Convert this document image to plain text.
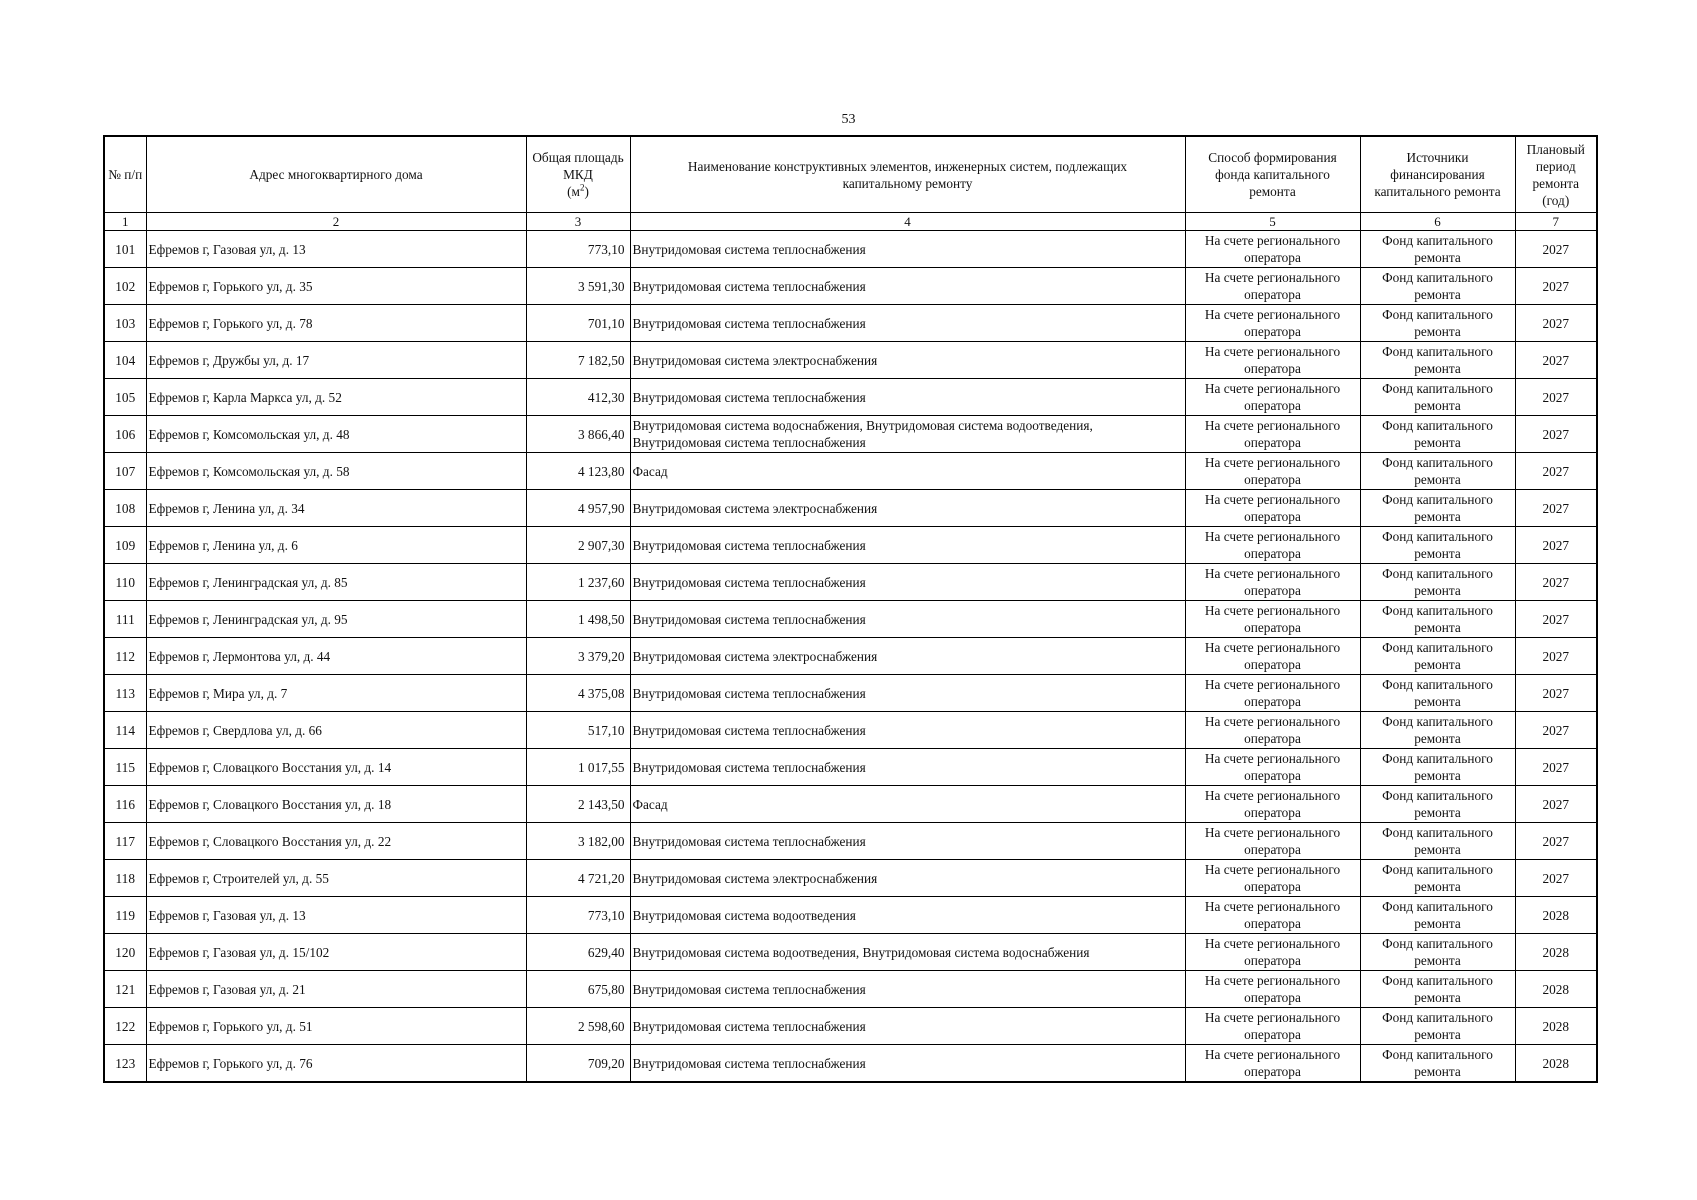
53
№ п/п	Адрес многоквартирного дома	Общая площадь МКД
$(м^2)$	Наименование конструктивных элементов, инженерных систем, подлежащих капитальному ремонту	Способ формирования фонда капитального ремонта	Источники финансирования капитального ремонта	Плановый период ремонта (год)
1	2	3	4	5	6	7
101	Ефремов г, Газовая ул, д. 13	773,10	Внутридомовая система теплоснабжения	На счете регионального оператора	Фонд капитального ремонта	2027
102	Ефремов г, Горького ул, д. 35	3 591,30	Внутридомовая система теплоснабжения	На счете регионального оператора	Фонд капитального ремонта	2027
103	Ефремов г, Горького ул, д. 78	701,10	Внутридомовая система теплоснабжения	На счете регионального оператора	Фонд капитального ремонта	2027
104	Ефремов г, Дружбы ул, д. 17	7 182,50	Внутридомовая система электроснабжения	На счете регионального оператора	Фонд капитального ремонта	2027
105	Ефремов г, Карла Маркса ул, д. 52	412,30	Внутридомовая система теплоснабжения	На счете регионального оператора	Фонд капитального ремонта	2027
106	Ефремов г, Комсомольская ул, д. 48	3 866,40	Внутридомовая система водоснабжения, Внутридомовая система водоотведения, Внутридомовая система теплоснабжения	На счете регионального оператора	Фонд капитального ремонта	2027
107	Ефремов г, Комсомольская ул, д. 58	4 123,80	Фасад	На счете регионального оператора	Фонд капитального ремонта	2027
108	Ефремов г, Ленина ул, д. 34	4 957,90	Внутридомовая система электроснабжения	На счете регионального оператора	Фонд капитального ремонта	2027
109	Ефремов г, Ленина ул, д. 6	2 907,30	Внутридомовая система теплоснабжения	На счете регионального оператора	Фонд капитального ремонта	2027
110	Ефремов г, Ленинградская ул, д. 85	1 237,60	Внутридомовая система теплоснабжения	На счете регионального оператора	Фонд капитального ремонта	2027
111	Ефремов г, Ленинградская ул, д. 95	1 498,50	Внутридомовая система теплоснабжения	На счете регионального оператора	Фонд капитального ремонта	2027
112	Ефремов г, Лермонтова ул, д. 44	3 379,20	Внутридомовая система электроснабжения	На счете регионального оператора	Фонд капитального ремонта	2027
113	Ефремов г, Мира ул, д. 7	4 375,08	Внутридомовая система теплоснабжения	На счете регионального оператора	Фонд капитального ремонта	2027
114	Ефремов г, Свердлова ул, д. 66	517,10	Внутридомовая система теплоснабжения	На счете регионального оператора	Фонд капитального ремонта	2027
115	Ефремов г, Словацкого Восстания ул, д. 14	1 017,55	Внутридомовая система теплоснабжения	На счете регионального оператора	Фонд капитального ремонта	2027
116	Ефремов г, Словацкого Восстания ул, д. 18	2 143,50	Фасад	На счете регионального оператора	Фонд капитального ремонта	2027
117	Ефремов г, Словацкого Восстания ул, д. 22	3 182,00	Внутридомовая система теплоснабжения	На счете регионального оператора	Фонд капитального ремонта	2027
118	Ефремов г, Строителей ул, д. 55	4 721,20	Внутридомовая система электроснабжения	На счете регионального оператора	Фонд капитального ремонта	2027
119	Ефремов г, Газовая ул, д. 13	773,10	Внутридомовая система водоотведения	На счете регионального оператора	Фонд капитального ремонта	2028
120	Ефремов г, Газовая ул, д. 15/102	629,40	Внутридомовая система водоотведения, Внутридомовая система водоснабжения	На счете регионального оператора	Фонд капитального ремонта	2028
121	Ефремов г, Газовая ул, д. 21	675,80	Внутридомовая система теплоснабжения	На счете регионального оператора	Фонд капитального ремонта	2028
122	Ефремов г, Горького ул, д. 51	2 598,60	Внутридомовая система теплоснабжения	На счете регионального оператора	Фонд капитального ремонта	2028
123	Ефремов г, Горького ул, д. 76	709,20	Внутридомовая система теплоснабжения	На счете регионального оператора	Фонд капитального ремонта	2028
